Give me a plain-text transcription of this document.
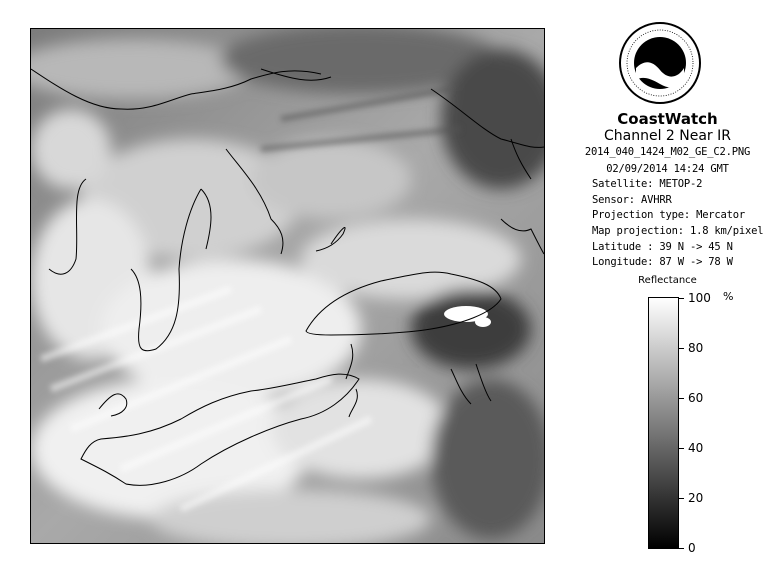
CoastWatch
Channel 2 Near IR
2014_040_1424_M02_GE_C2.PNG
02/09/2014 14:24 GMT
Satellite: METOP-2
Sensor: AVHRR
Projection type: Mercator
Map projection: 1.8 km/pixel
Latitude : 39 N -> 45 N
Longitude: 87 W -> 78 W
Reflectance
%
100
80
60
40
20
0
